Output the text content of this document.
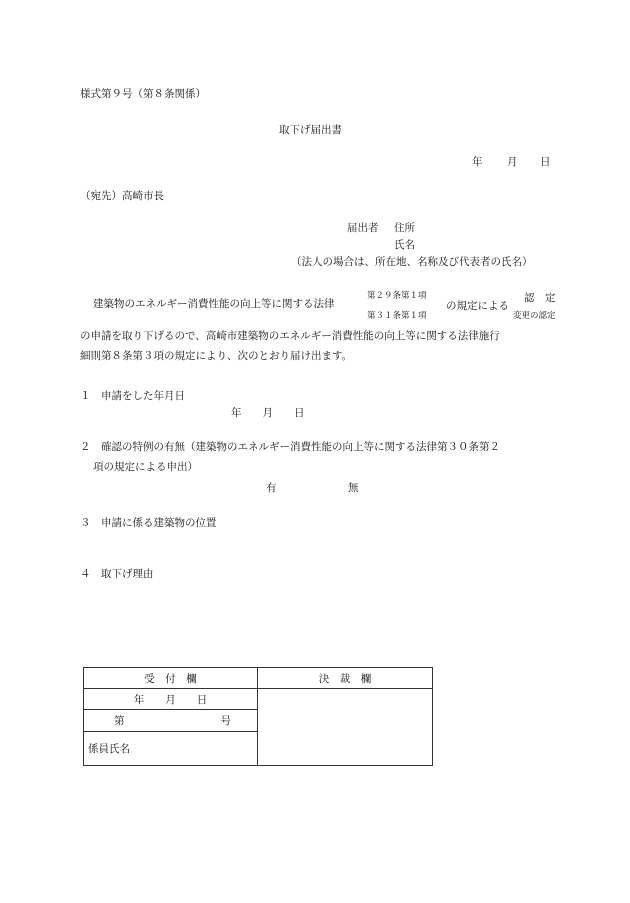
様式第９号（第８条関係）
取下げ届出書
年 月 日
（宛先）高崎市長
届出者 住所
氏名
（法人の場合は、所在地、名称及び代表者の氏名）
建築物のエネルギー消費性能の向上等に関する法律
第２９条第１項
第３１条第１項
の規定による
認　定
変更の認定
の申請を取り下げるので、高崎市建築物のエネルギー消費性能の向上等に関する法律施行
細則第８条第３項の規定により、次のとおり届け出ます。
１　申請をした年月日
年　　月　　日
２　確認の特例の有無（建築物のエネルギー消費性能の向上等に関する法律第３０条第２
項の規定による申出）
有	無
３　申請に係る建築物の位置
４　取下げ理由
受　付　欄	決　裁　欄
年　　月　　日	
第 号	

係員氏名	
